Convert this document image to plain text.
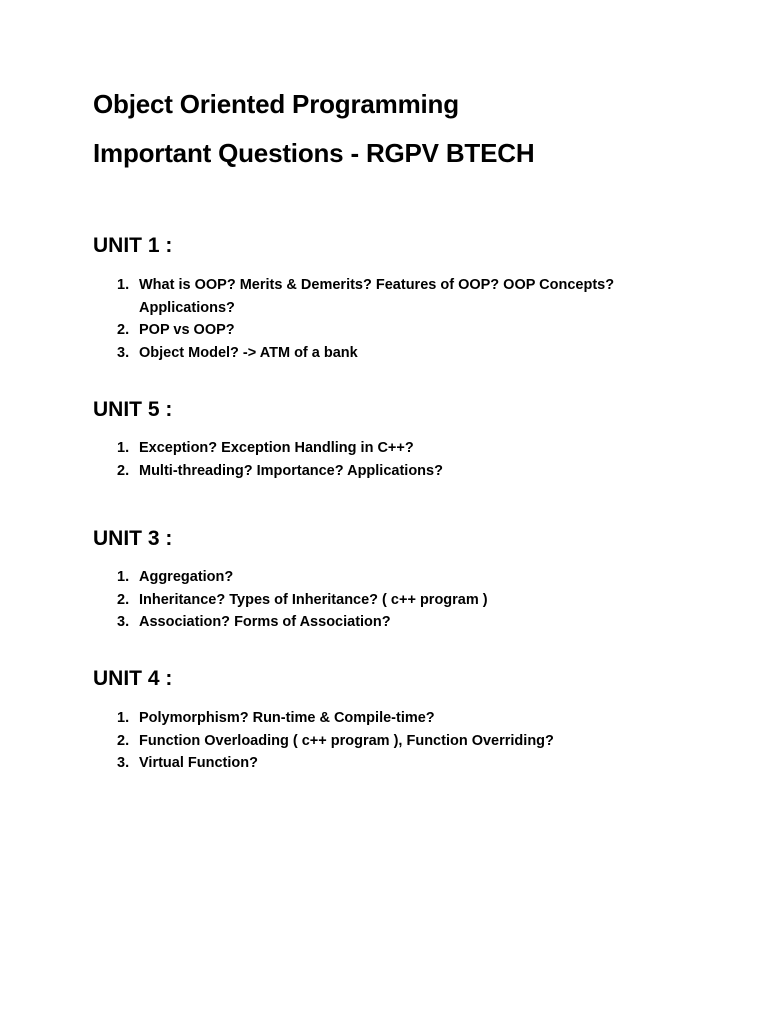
Object Oriented Programming
Important Questions - RGPV BTECH
UNIT 1 :
1. What is OOP? Merits & Demerits? Features of OOP? OOP Concepts? Applications?
2. POP vs OOP?
3. Object Model? -> ATM of a bank
UNIT 5 :
1. Exception? Exception Handling in C++?
2. Multi-threading? Importance? Applications?
UNIT 3 :
1. Aggregation?
2. Inheritance? Types of Inheritance? ( c++ program )
3. Association? Forms of Association?
UNIT 4 :
1. Polymorphism? Run-time & Compile-time?
2. Function Overloading ( c++ program ), Function Overriding?
3. Virtual Function?
